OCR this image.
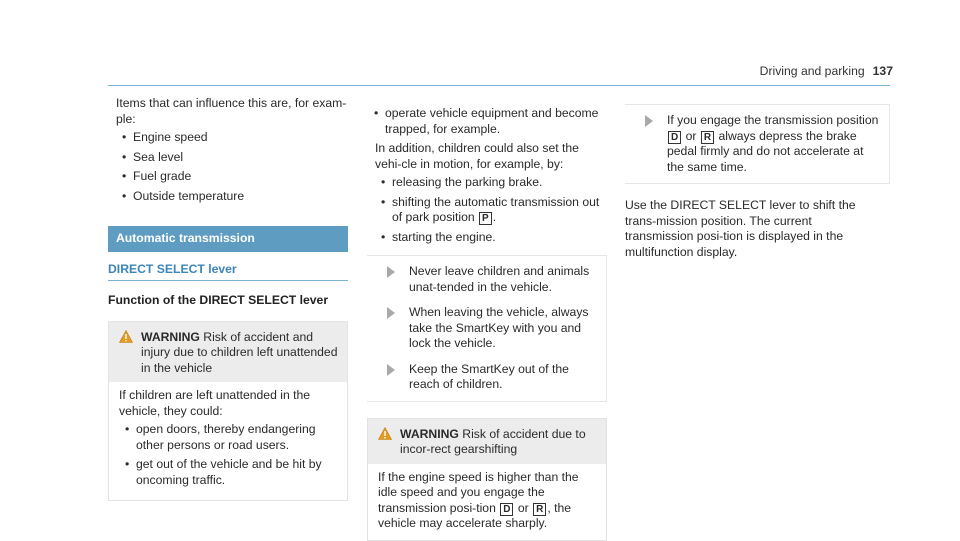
Driving and parking 137

Items that can influence this are, for exam-ple:

• Engine speed
• Sea level
• Fuel grade
• Outside temperature
Automatic transmission
DIRECT SELECT lever
Function of the DIRECT SELECT lever
WARNING Risk of accident and injury due to children left unattended in the vehicle

If children are left unattended in the vehicle, they could:

• open doors, thereby endangering other persons or road users.
• get out of the vehicle and be hit by oncoming traffic.
• operate vehicle equipment and become trapped, for example.

In addition, children could also set the vehi-cle in motion, for example, by:

• releasing the parking brake.
• shifting the automatic transmission out of park position P .
• starting the engine.
Never leave children and animals unat-tended in the vehicle.
When leaving the vehicle, always take the SmartKey with you and lock the vehicle.
Keep the SmartKey out of the reach of children.
WARNING Risk of accident due to incor-rect gearshifting

If the engine speed is higher than the idle speed and you engage the transmission posi-tion D or R , the vehicle may accelerate sharply.

If you engage the transmission position
D or R always depress the brake pedal firmly and do not accelerate at the same time.

Use the DIRECT SELECT lever to shift the trans-mission position. The current transmission posi-tion is displayed in the multifunction display.
